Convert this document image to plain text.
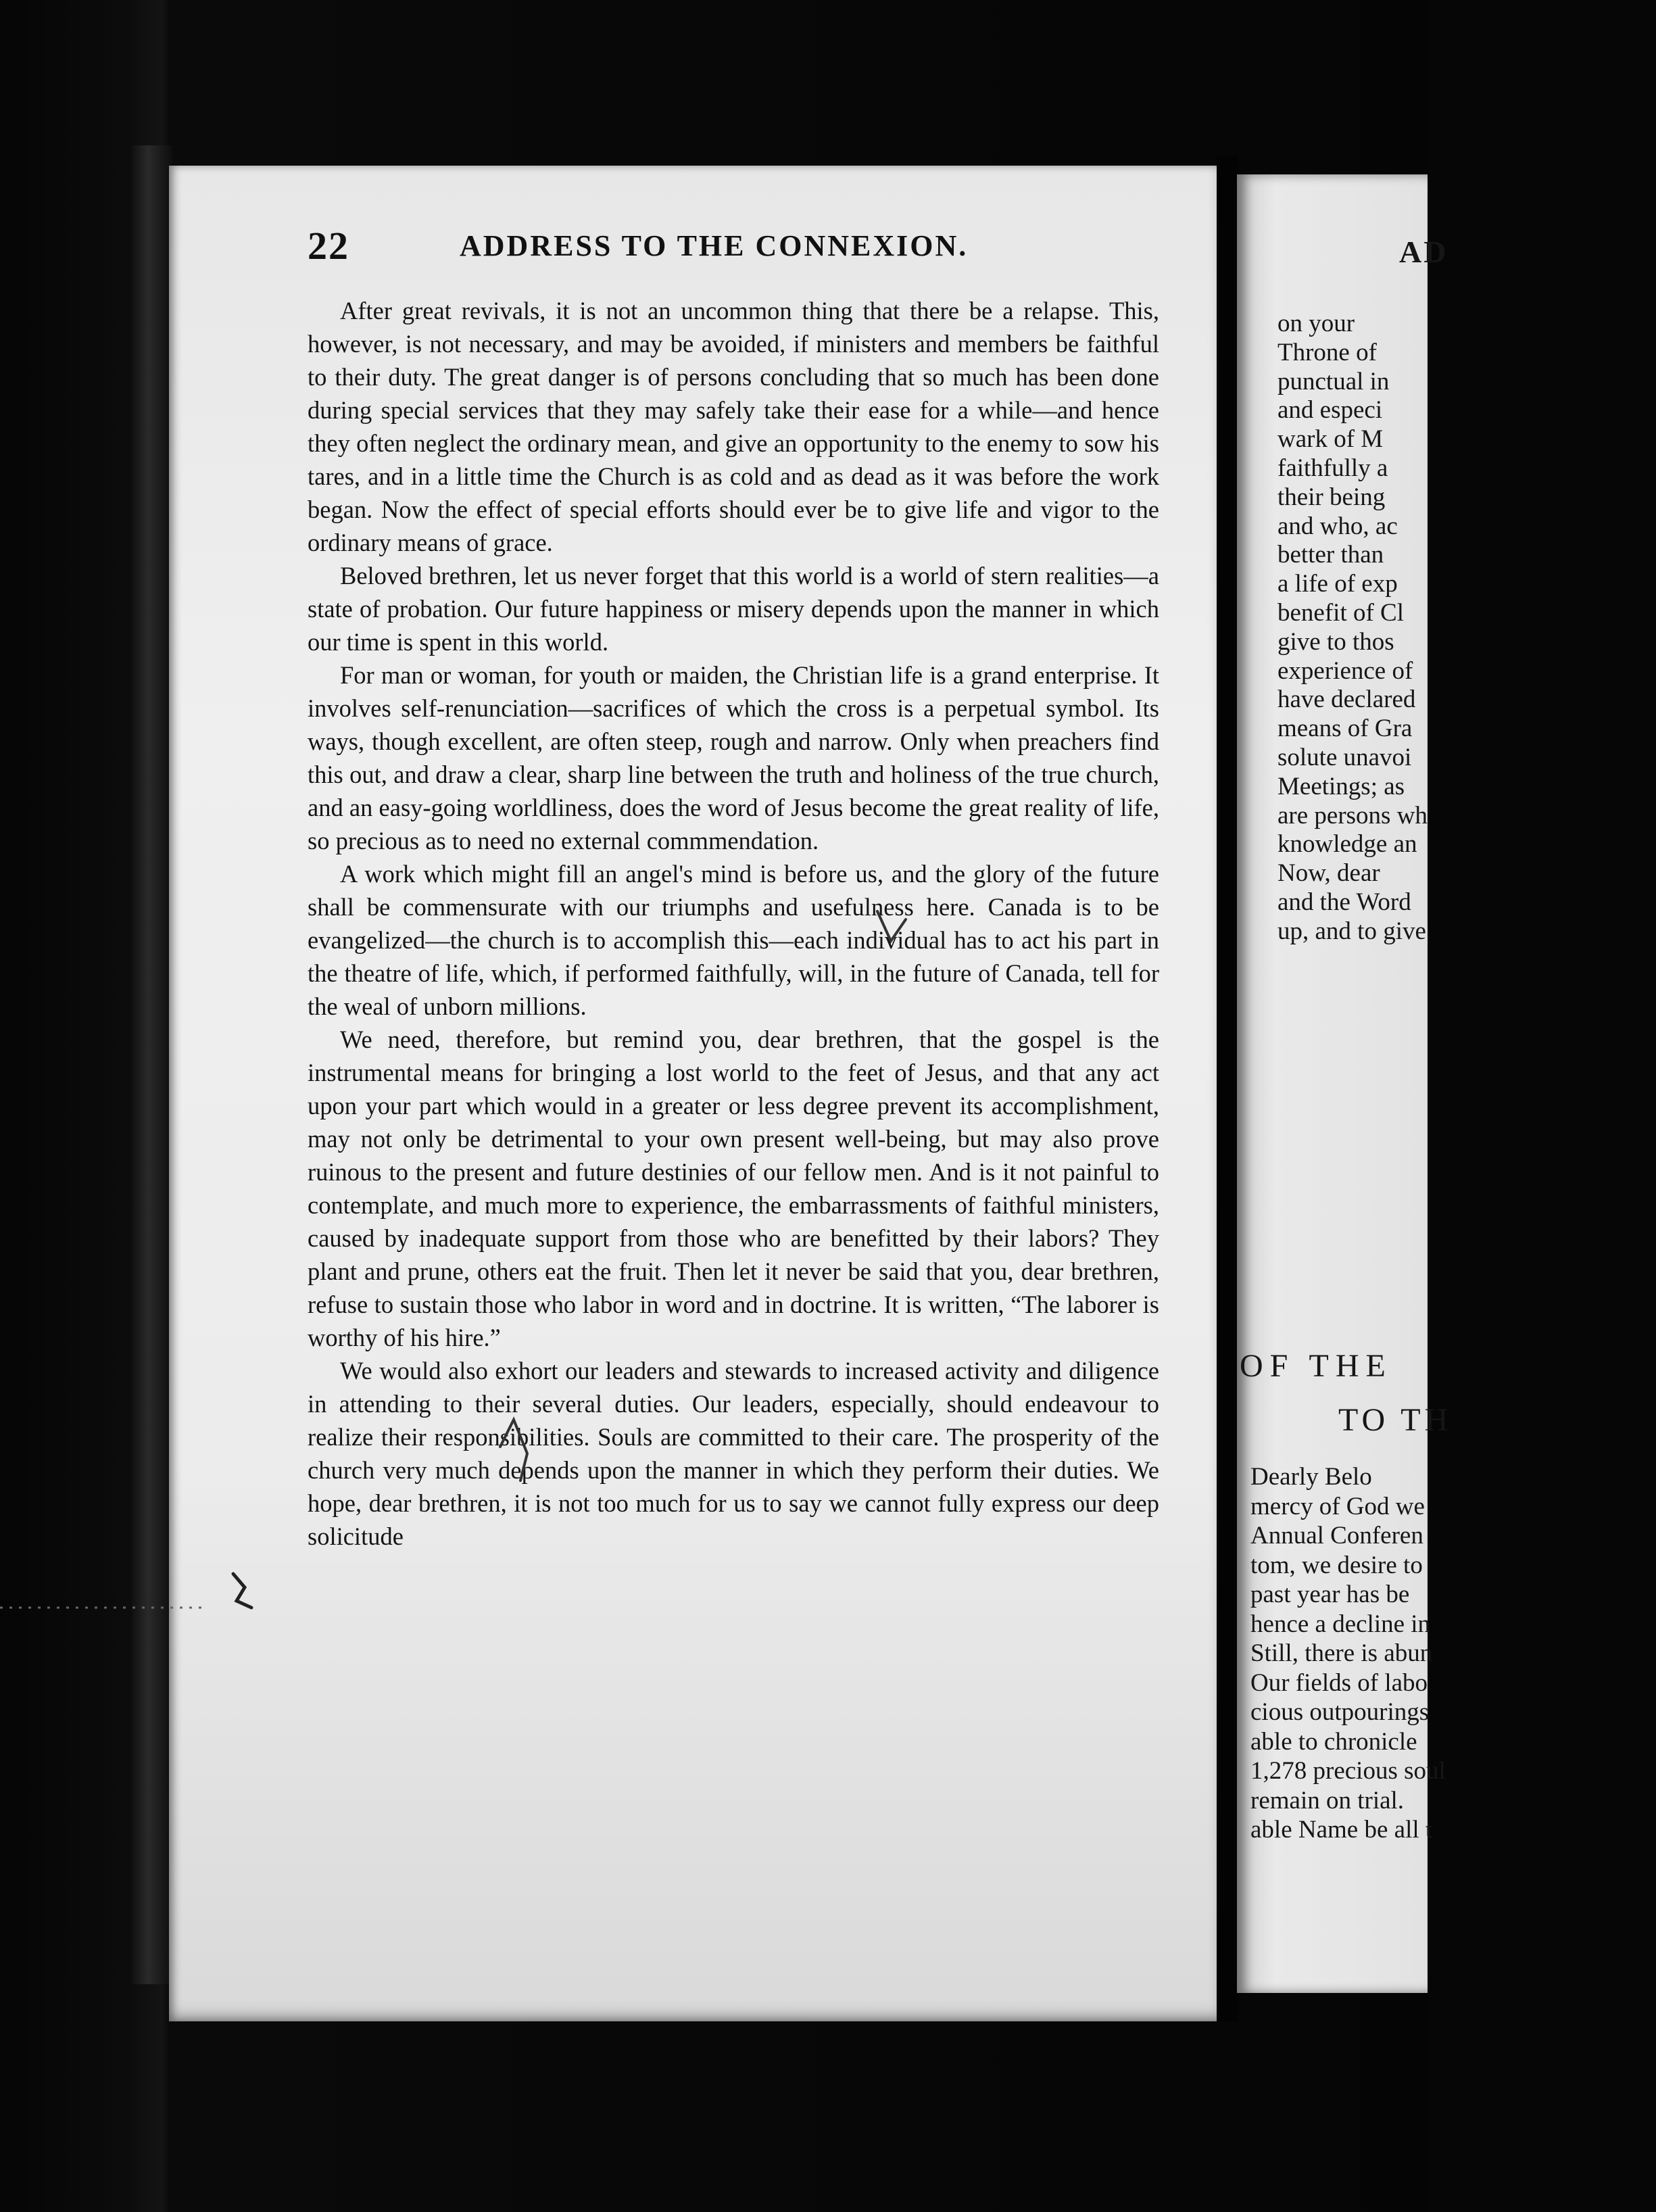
22	ADDRESS TO THE CONNEXION.

After great revivals, it is not an uncommon thing that there be a relapse. This, however, is not necessary, and may be avoided, if ministers and members be faithful to their duty. The great danger is of persons concluding that so much has been done during special services that they may safely take their ease for a while—and hence they often neglect the ordinary mean, and give an opportunity to the enemy to sow his tares, and in a little time the Church is as cold and as dead as it was before the work began. Now the effect of special efforts should ever be to give life and vigor to the ordinary means of grace.

Beloved brethren, let us never forget that this world is a world of stern realities—a state of probation. Our future happiness or misery depends upon the manner in which our time is spent in this world.

For man or woman, for youth or maiden, the Christian life is a grand enterprise. It involves self-renunciation—sacrifices of which the cross is a perpetual symbol. Its ways, though excellent, are often steep, rough and narrow. Only when preachers find this out, and draw a clear, sharp line between the truth and holiness of the true church, and an easy-going worldliness, does the word of Jesus become the great reality of life, so precious as to need no external commmendation.

A work which might fill an angel's mind is before us, and the glory of the future shall be commensurate with our triumphs and usefulness here. Canada is to be evangelized—the church is to accomplish this—each individual has to act his part in the theatre of life, which, if performed faithfully, will, in the future of Canada, tell for the weal of unborn millions.

We need, therefore, but remind you, dear brethren, that the gospel is the instrumental means for bringing a lost world to the feet of Jesus, and that any act upon your part which would in a greater or less degree prevent its accomplishment, may not only be detrimental to your own present well-being, but may also prove ruinous to the present and future destinies of our fellow men. And is it not painful to contemplate, and much more to experience, the embarrassments of faithful ministers, caused by inadequate support from those who are benefitted by their labors? They plant and prune, others eat the fruit. Then let it never be said that you, dear brethren, refuse to sustain those who labor in word and in doctrine. It is written, “The laborer is worthy of his hire.”

We would also exhort our leaders and stewards to increased activity and diligence in attending to their several duties. Our leaders, especially, should endeavour to realize their responsibilities. Souls are committed to their care. The prosperity of the church very much depends upon the manner in which they perform their duties. We hope, dear brethren, it is not too much for us to say we cannot fully express our deep solicitude

AD
on your
Throne of
punctual in
and especi
wark of M
faithfully a
their being
and who, ac
better than
a life of exp
benefit of Cl
give to thos
experience of
have declared
means of Gra
solute unavoi
Meetings; as
are persons wh
knowledge an
Now, dear
and the Word
up, and to give
OF THE
TO TH
Dearly Belo
mercy of God we
Annual Conferen
tom, we desire to
past year has be
hence a decline in
Still, there is abun
Our fields of labo
cious outpourings
able to chronicle
1,278 precious soul
remain on trial.
able Name be all t
